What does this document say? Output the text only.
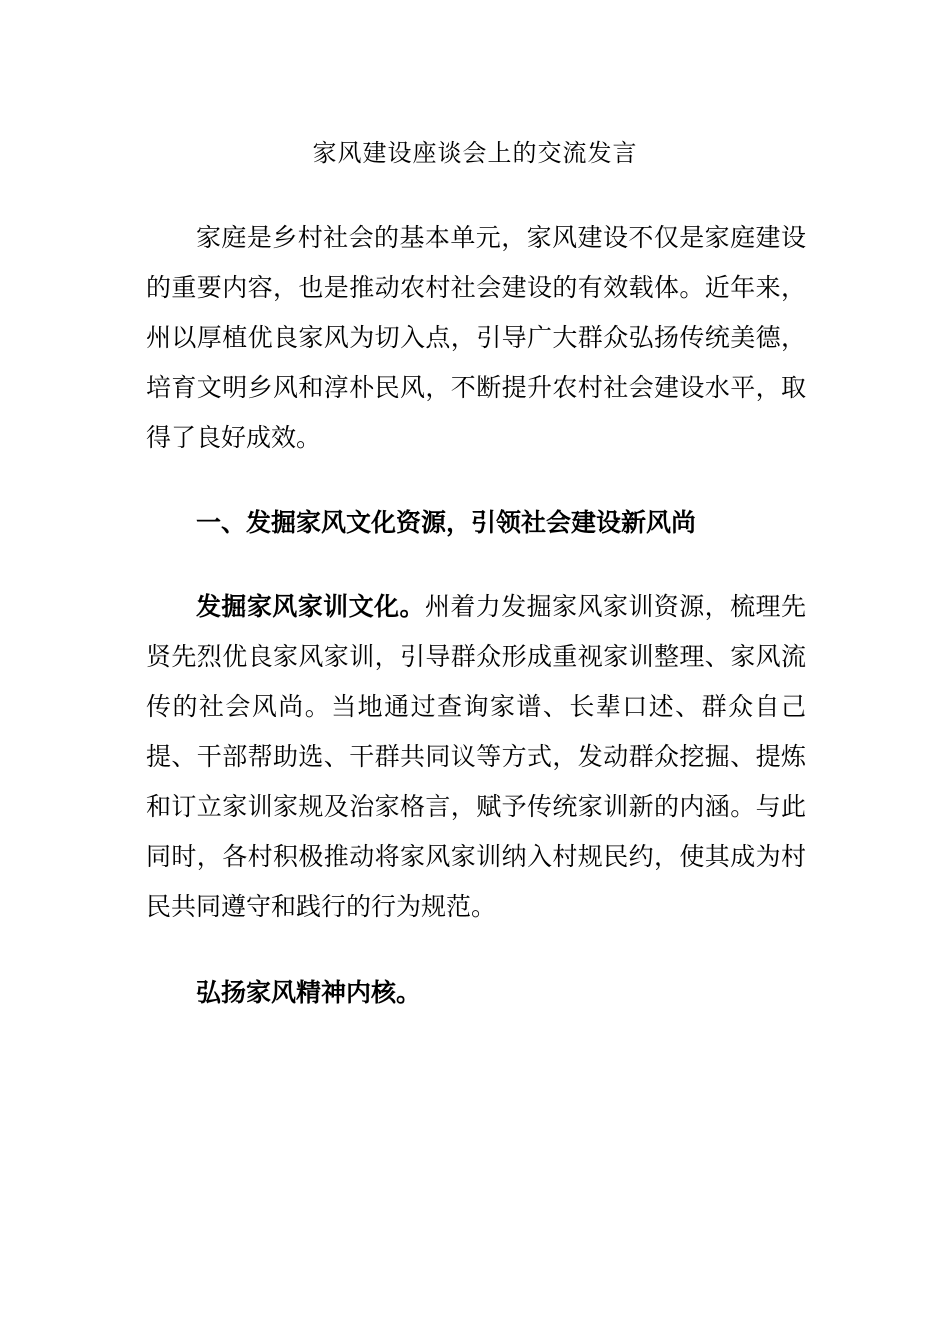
家风建设座谈会上的交流发言

家庭是乡村社会的基本单元，家风建设不仅是家庭建设的重要内容，也是推动农村社会建设的有效载体。近年来，州以厚植优良家风为切入点，引导广大群众弘扬传统美德，培育文明乡风和淳朴民风，不断提升农村社会建设水平，取得了良好成效。

一、发掘家风文化资源，引领社会建设新风尚

发掘家风家训文化。州着力发掘家风家训资源，梳理先贤先烈优良家风家训，引导群众形成重视家训整理、家风流传的社会风尚。当地通过查询家谱、长辈口述、群众自己提、干部帮助选、干群共同议等方式，发动群众挖掘、提炼和订立家训家规及治家格言，赋予传统家训新的内涵。与此同时，各村积极推动将家风家训纳入村规民约，使其成为村民共同遵守和践行的行为规范。

弘扬家风精神内核。
